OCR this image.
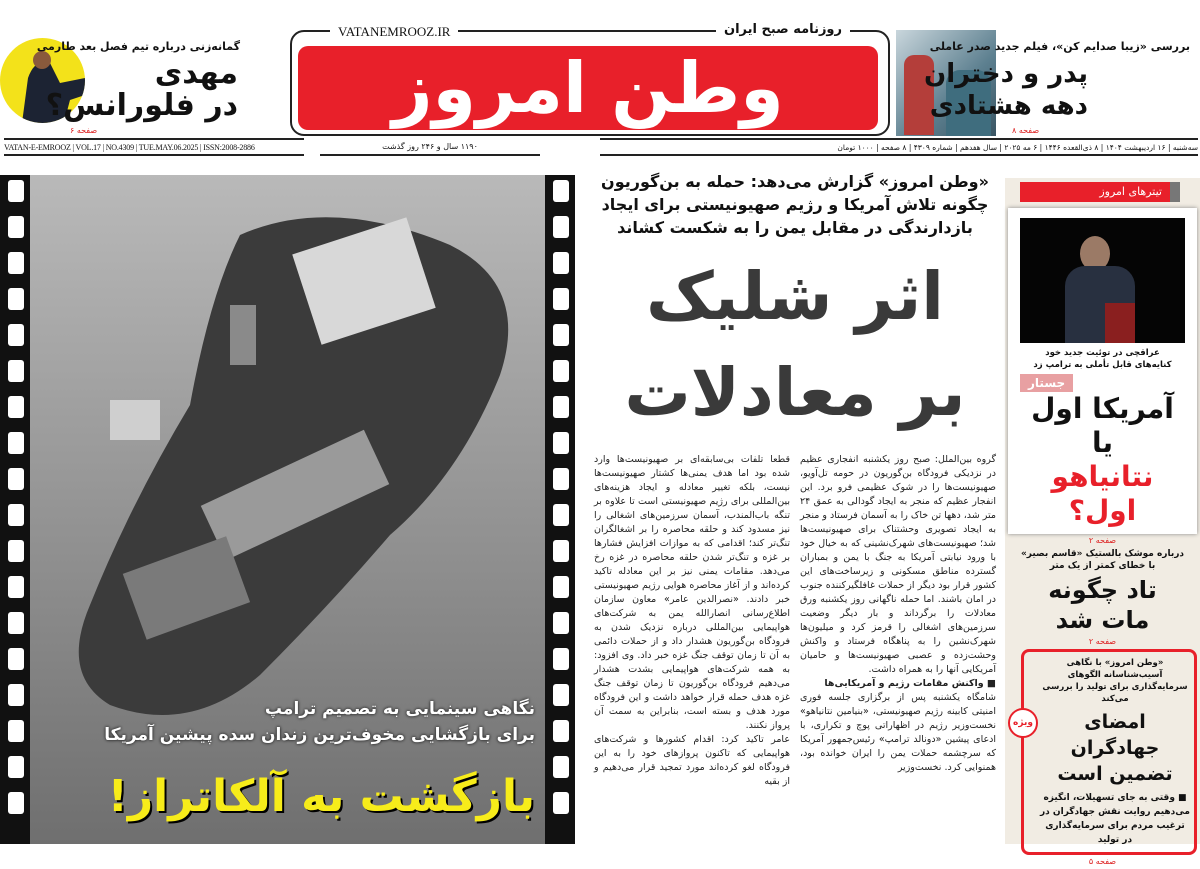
گمانه‌زنی درباره تیم فصل بعد طارمی
مهدی
در فلورانس؟
صفحه ۶
VATANEMROOZ.IR	روزنامه صبح ایران
وطن امروز
بررسی «زیبا صدایم کن»، فیلم جدید صدر عاملی
پدر و دختران
دهه هشتادی
صفحه ۸
VATAN-E-EMROOZ | VOL.17 | NO.4309 | TUE.MAY.06.2025 | ISSN:2008-2886	۱۱۹۰ سال و ۲۴۶ روز گذشت	سه‌شنبه | ۱۶ اردیبهشت ۱۴۰۴ | ۸ ذی‌القعده ۱۴۴۶ | ۶ مه ۲۰۲۵ | سال هفدهم | شماره ۴۳۰۹ | ۸ صفحه | ۱۰۰۰ تومان
نگاهی سینمایی به تصمیم ترامپ
برای بازگشایی مخوف‌ترین زندان سده پیشین آمریکا
بازگشت به آلکاتراز!
«وطن امروز» گزارش می‌دهد: حمله به بن‌گوریون
چگونه تلاش آمریکا و رژیم صهیونیستی برای ایجاد
بازدارندگی در مقابل یمن را به شکست کشاند
اثر شلیک
بر معادلات

گروه بین‌الملل: صبح روز یکشنبه انفجاری عظیم در نزدیکی فرودگاه بن‌گوریون در حومه تل‌آویو، صهیونیست‌ها را در شوک عظیمی فرو برد. این انفجار عظیم که منجر به ایجاد گودالی به عمق ۲۴ متر شد، دهها تن خاک را به آسمان فرستاد و منجر به ایجاد تصویری وحشتناک برای صهیونیست‌ها شد؛ صهیونیست‌های شهرک‌نشینی که به خیال خود با ورود نیابتی آمریکا به جنگ با یمن و بمباران گسترده مناطق مسکونی و زیرساخت‌های این کشور قرار بود دیگر از حملات غافلگیرکننده جنوب در امان باشند. اما حمله ناگهانی روز یکشنبه ورق معادلات را برگرداند و بار دیگر وضعیت سرزمین‌های اشغالی را قرمز کرد و میلیون‌ها شهرک‌نشین را به پناهگاه فرستاد و واکنش وحشت‌زده و عصبی صهیونیست‌ها و حامیان آمریکایی آنها را به همراه داشت.

■ واکنش مقامات رژیم و آمریکایی‌ها

شامگاه یکشنبه پس از برگزاری جلسه فوری امنیتی کابینه رژیم صهیونیستی، «بنیامین نتانیاهو» نخست‌وزیر رژیم در اظهاراتی پوچ و تکراری، با ادعای پیشین «دونالد ترامپ» رئیس‌جمهور آمریکا که سرچشمه حملات یمن را ایران خوانده بود، همنوایی کرد. نخست‌وزیر

قطعا تلفات بی‌سابقه‌ای بر صهیونیست‌ها وارد شده بود اما هدف یمنی‌ها کشتار صهیونیست‌ها نیست، بلکه تغییر معادله و ایجاد هزینه‌های بین‌المللی برای رژیم صهیونیستی است تا علاوه بر تنگه باب‌المندب، آسمان سرزمین‌های اشغالی را نیز مسدود کند و حلقه محاصره را بر اشغالگران تنگ‌تر کند؛ اقدامی که به موازات افزایش فشارها بر غزه و تنگ‌تر شدن حلقه محاصره در غزه رخ می‌دهد. مقامات یمنی نیز بر این معادله تاکید کرده‌اند و از آغاز محاصره هوایی رژیم صهیونیستی خبر دادند. «نصرالدین عامر» معاون سازمان اطلاع‌رسانی انصارالله یمن به شرکت‌های هواپیمایی بین‌المللی درباره نزدیک شدن به فرودگاه بن‌گوریون هشدار داد و از حملات دائمی به آن تا زمان توقف جنگ غزه خبر داد. وی افزود: به همه شرکت‌های هواپیمایی بشدت هشدار می‌دهیم فرودگاه بن‌گوریون تا زمان توقف جنگ غزه هدف حمله قرار خواهد داشت و این فرودگاه مورد هدف و بسته است، بنابراین به سمت آن پرواز نکنند.

عامر تاکید کرد: اقدام کشورها و شرکت‌های هواپیمایی که تاکنون پروازهای خود را به این فرودگاه لغو کرده‌اند مورد تمجید قرار می‌دهیم و از بقیه

تیترهای امروز
عراقچی در توئیت جدید خود
کنایه‌های قابل تأملی به ترامپ زد
جستار
آمریکا اول
یا
نتانیاهو اول؟
صفحه ۲
درباره موشک بالستیک «قاسم بصیر»
با خطای کمتر از یک متر
تاد چگونه
مات شد
صفحه ۲
«وطن امروز» با نگاهی آسیب‌شناسانه الگوهای
سرمایه‌گذاری برای تولید را بررسی می‌کند
امضای جهادگران
تضمین است
■ وقتی به جای تسهیلات، انگیزه می‌دهیم روایت نقش جهادگران در ترغیب مردم برای سرمایه‌گذاری در تولید
ویژه
صفحه ۵
